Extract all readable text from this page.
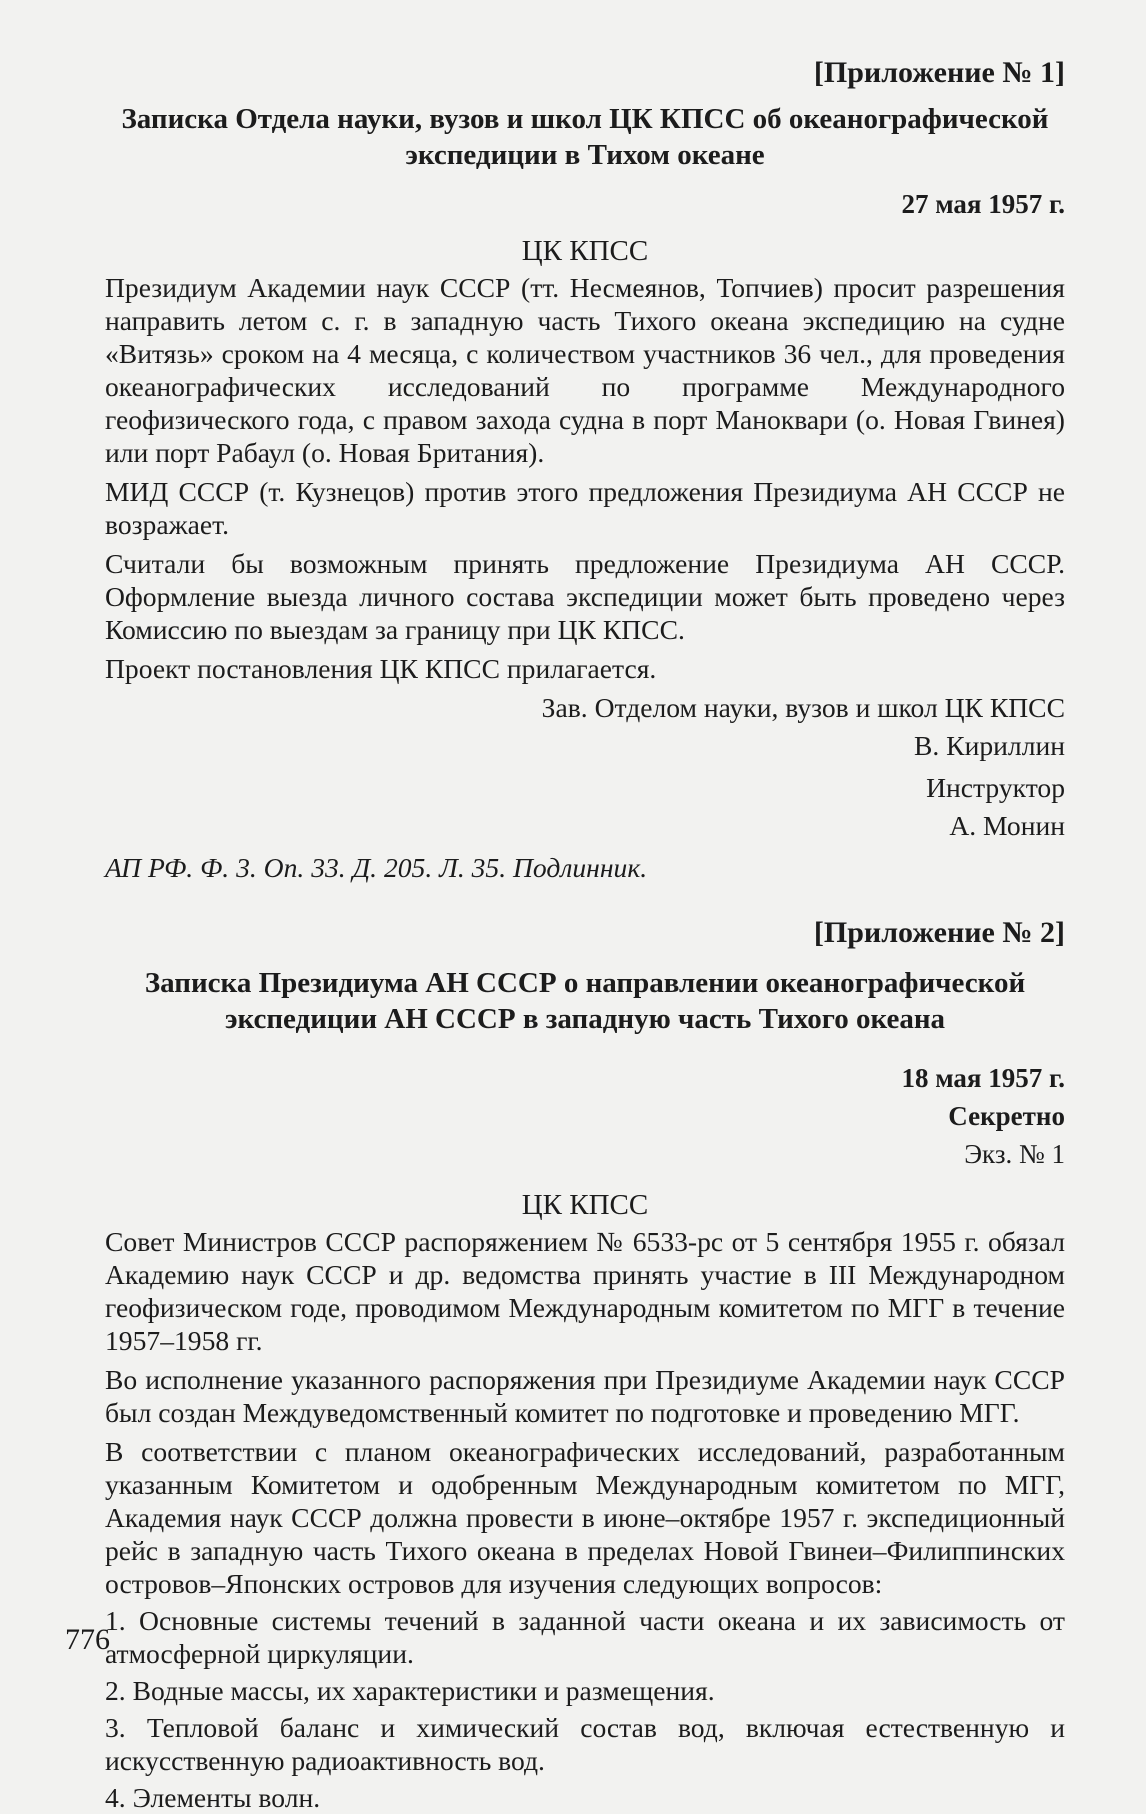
[Приложение № 1]

Записка Отдела науки, вузов и школ ЦК КПСС об океанографической экспедиции в Тихом океане

27 мая 1957 г.

ЦК КПСС

Президиум Академии наук СССР (тт. Несмеянов, Топчиев) просит разрешения направить летом с. г. в западную часть Тихого океана экспедицию на судне «Витязь» сроком на 4 месяца, с количеством участников 36 чел., для проведения океанографических исследований по программе Международного геофизического года, с правом захода судна в порт Маноквари (о. Новая Гвинея) или порт Рабаул (о. Новая Британия).

МИД СССР (т. Кузнецов) против этого предложения Президиума АН СССР не возражает.

Считали бы возможным принять предложение Президиума АН СССР. Оформление выезда личного состава экспедиции может быть проведено через Комиссию по выездам за границу при ЦК КПСС.

Проект постановления ЦК КПСС прилагается.

Зав. Отделом науки, вузов и школ ЦК КПСС

В. Кириллин

Инструктор

А. Монин

АП РФ. Ф. 3. Оп. 33. Д. 205. Л. 35. Подлинник.

[Приложение № 2]

Записка Президиума АН СССР о направлении океанографической экспедиции АН СССР в западную часть Тихого океана

18 мая 1957 г.

Секретно

Экз. № 1

ЦК КПСС

Совет Министров СССР распоряжением № 6533-рс от 5 сентября 1955 г. обязал Академию наук СССР и др. ведомства принять участие в III Международном геофизическом годе, проводимом Международным комитетом по МГГ в течение 1957–1958 гг.

Во исполнение указанного распоряжения при Президиуме Академии наук СССР был создан Междуведомственный комитет по подготовке и проведению МГГ.

В соответствии с планом океанографических исследований, разработанным указанным Комитетом и одобренным Международным комитетом по МГГ, Академия наук СССР должна провести в июне–октябре 1957 г. экспедиционный рейс в западную часть Тихого океана в пределах Новой Гвинеи–Филиппинских островов–Японских островов для изучения следующих вопросов:

1. Основные системы течений в заданной части океана и их зависимость от атмосферной циркуляции.

2. Водные массы, их характеристики и размещения.

3. Тепловой баланс и химический состав вод, включая естественную и искусственную радиоактивность вод.

4. Элементы волн.

776
